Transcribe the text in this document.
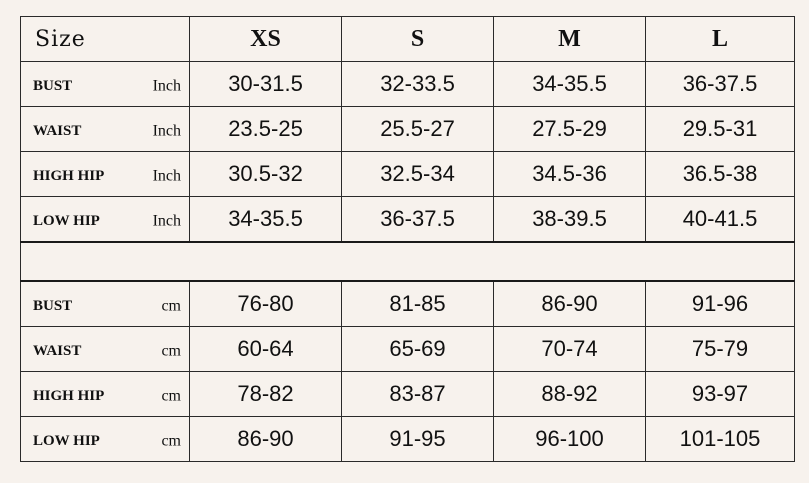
Size	XS	S	M	L

BUST Inch	30-31.5	32-33.5	34-35.5	36-37.5

WAIST Inch	23.5-25	25.5-27	27.5-29	29.5-31

HIGH HIP Inch	30.5-32	32.5-34	34.5-36	36.5-38

LOW HIP Inch	34-35.5	36-37.5	38-39.5	40-41.5

BUST cm	76-80	81-85	86-90	91-96

WAIST cm	60-64	65-69	70-74	75-79

HIGH HIP cm	78-82	83-87	88-92	93-97

LOW HIP cm	86-90	91-95	96-100	101-105
